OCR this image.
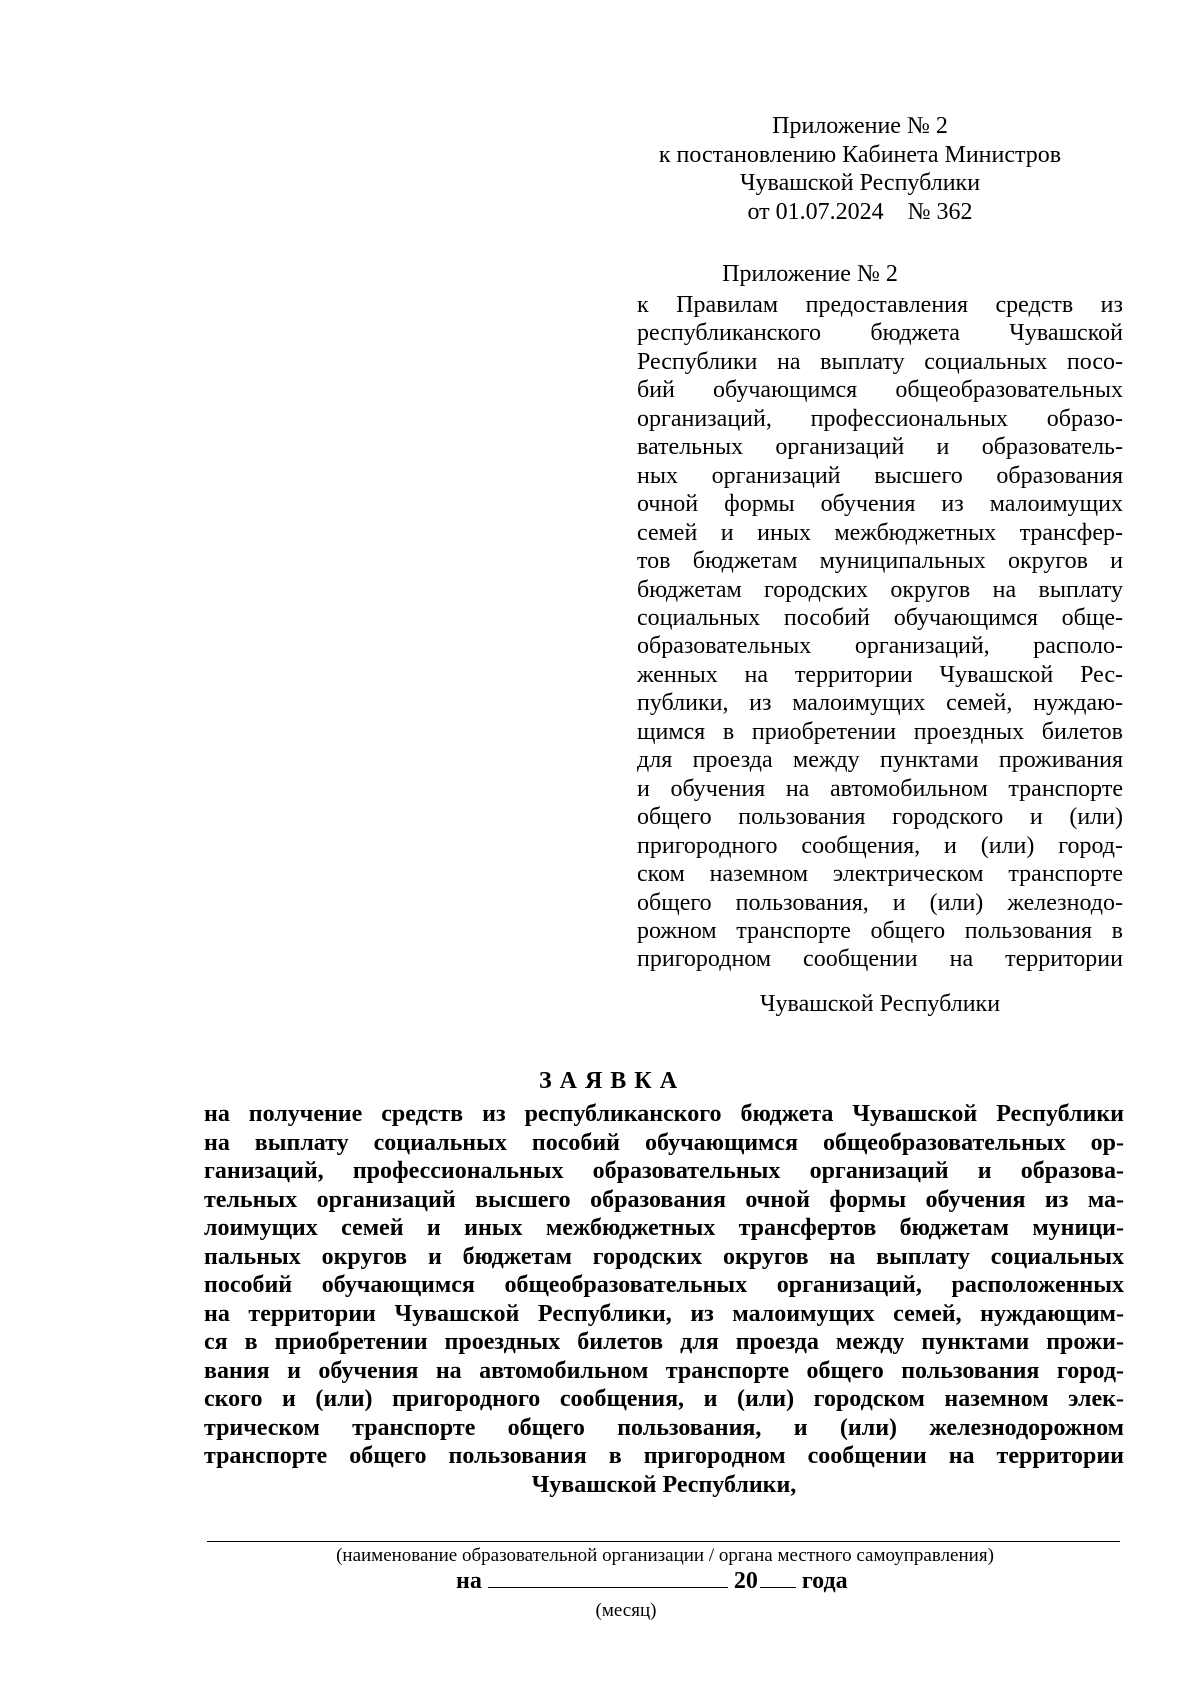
Приложение № 2
к постановлению Кабинета Министров
Чувашской Республики
от 01.07.2024    № 362
Приложение № 2
к Правилам предоставления средств из
республиканского бюджета Чувашской
Республики на выплату социальных посо-
бий обучающимся общеобразовательных
организаций, профессиональных образо-
вательных организаций и образователь-
ных организаций высшего образования
очной формы обучения из малоимущих
семей и иных межбюджетных трансфер-
тов бюджетам муниципальных округов и
бюджетам городских округов на выплату
социальных пособий обучающимся обще-
образовательных организаций, располо-
женных на территории Чувашской Рес-
публики, из малоимущих семей, нуждаю-
щимся в приобретении проездных билетов
для проезда между пунктами проживания
и обучения на автомобильном транспорте
общего пользования городского и (или)
пригородного сообщения, и (или) город-
ском наземном электрическом транспорте
общего пользования, и (или) железнодо-
рожном транспорте общего пользования в
пригородном сообщении на территории
Чувашской Республики
ЗАЯВКА
на получение средств из республиканского бюджета Чувашской Республики
на выплату социальных пособий обучающимся общеобразовательных ор-
ганизаций, профессиональных образовательных организаций и образова-
тельных организаций высшего образования очной формы обучения из ма-
лоимущих семей и иных межбюджетных трансфертов бюджетам муници-
пальных округов и бюджетам городских округов на выплату социальных
пособий обучающимся общеобразовательных организаций, расположенных
на территории Чувашской Республики, из малоимущих семей, нуждающим-
ся в приобретении проездных билетов для проезда между пунктами прожи-
вания и обучения на автомобильном транспорте общего пользования город-
ского и (или) пригородного сообщения, и (или) городском наземном элек-
трическом транспорте общего пользования, и (или) железнодорожном
транспорте общего пользования в пригородном сообщении на территории
Чувашской Республики,
(наименование образовательной организации / органа местного самоуправления)
на	20 года
(месяц)
